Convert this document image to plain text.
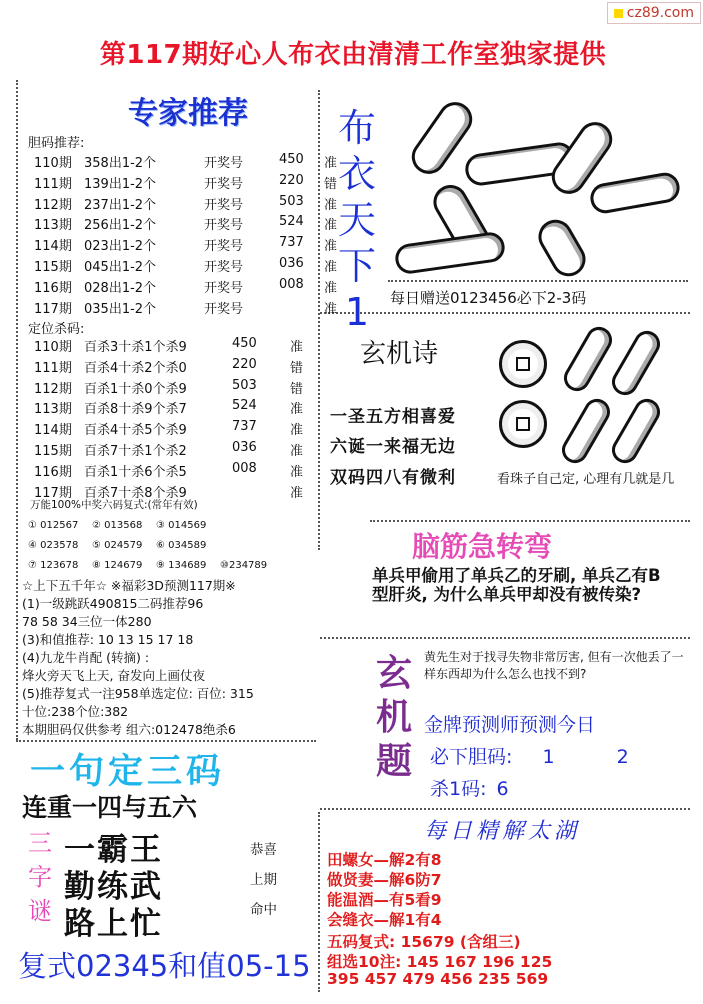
cz89.com
第117期好心人布衣由清清工作室独家提供
专家推荐
胆码推荐:
110期 358出1-2个	开奖号	450	准
111期 139出1-2个	开奖号	220	错
112期 237出1-2个	开奖号	503	准
113期 256出1-2个	开奖号	524	准
114期 023出1-2个	开奖号	737	准
115期 045出1-2个	开奖号	036	准
116期 028出1-2个	开奖号	008	准
117期 035出1-2个	开奖号	准
定位杀码:
110期 百杀3十杀1个杀9	450	准
111期 百杀4十杀2个杀0	220	错
112期 百杀1十杀0个杀9	503	错
113期 百杀8十杀9个杀7	524	准
114期 百杀4十杀5个杀9	737	准
115期 百杀7十杀1个杀2	036	准
116期 百杀1十杀6个杀5	008	准
117期 百杀7十杀8个杀9	准
万能100%中奖六码复式:(常年有效)
① 012567	② 013568	③ 014569
④ 023578	⑤ 024579	⑥ 034589
⑦ 123678	⑧ 124679	⑨ 134689	⑩234789
☆上下五千年☆ ※福彩3D预测117期※
(1)一级跳跃490815二码推荐96
78 58 34三位一体280
(3)和值推荐: 10 13 15 17 18
(4)九龙牛肖配 (转摘) :
烽火旁天飞上天, 奋发向上画仗夜
(5)推荐复式一注958单选定位: 百位: 315
十位:238个位:382
本期胆码仅供参考 组六:012478绝杀6
布衣天下1	每日赠送0123456必下2-3码
玄机诗
一圣五方相喜爱
六诞一来福无边
双码四八有微利	看珠子自己定, 心理有几就是几
脑筋急转弯
单兵甲偷用了单兵乙的牙刷, 单兵乙有B型肝炎, 为什么单兵甲却没有被传染?
玄机题
黄先生对于找寻失物非常厉害, 但有一次他丢了一样东西却为什么怎么也找不到?
金牌预测师预测今日
必下胆码: 1	2
杀1码: 6
每日精解太湖
田螺女—解2有8
做贤妻—解6防7
能温酒—有5看9
会缝衣—解1有4
五码复式: 15679 (含组三)
组选10注: 145 167 196 125
395 457 479 456 235 569
一句定三码
连重一四与五六
三字谜
一霸王
勤练武
路上忙
恭喜
上期
命中
复式02345和值05-15
